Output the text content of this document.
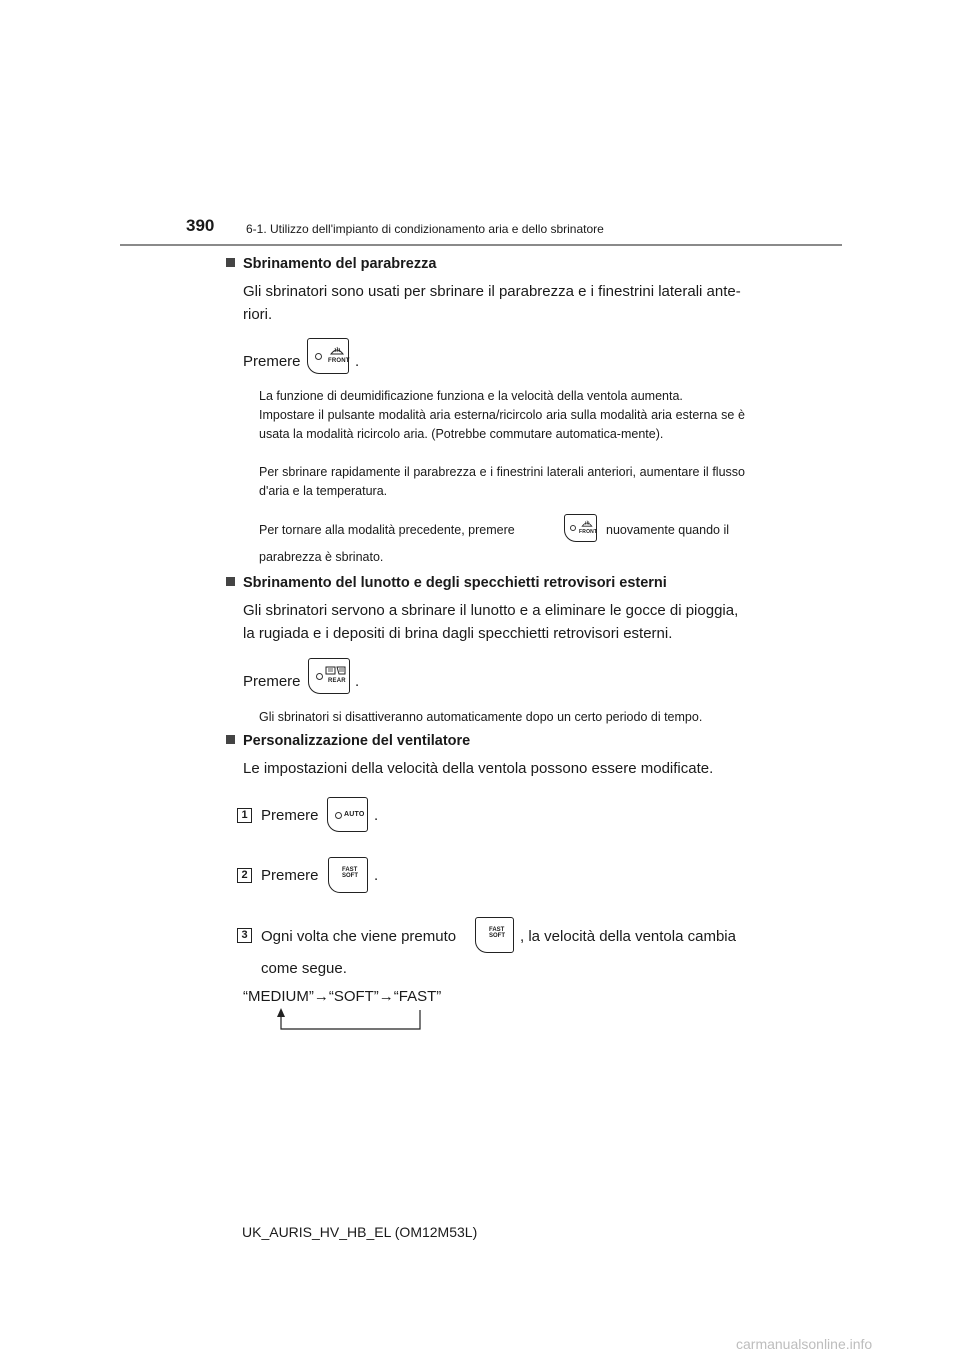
390	6-1. Utilizzo dell'impianto di condizionamento aria e dello sbrinatore
Sbrinamento del parabrezza
Gli sbrinatori sono usati per sbrinare il parabrezza e i finestrini laterali ante-
riori.
Premere	FRONT .
La funzione di deumidificazione funziona e la velocità della ventola aumenta.
Impostare il pulsante modalità aria esterna/ricircolo aria sulla modalità aria esterna se è usata la modalità ricircolo aria. (Potrebbe commutare automatica-mente).
Per sbrinare rapidamente il parabrezza e i finestrini laterali anteriori, aumentare il flusso d'aria e la temperatura.
Per tornare alla modalità precedente, premere	FRONT nuovamente quando il
parabrezza è sbrinato.
Sbrinamento del lunotto e degli specchietti retrovisori esterni
Gli sbrinatori servono a sbrinare il lunotto e a eliminare le gocce di pioggia,
la rugiada e i depositi di brina dagli specchietti retrovisori esterni.
Premere	REAR .
Gli sbrinatori si disattiveranno automaticamente dopo un certo periodo di tempo.
Personalizzazione del ventilatore
Le impostazioni della velocità della ventola possono essere modificate.
1 Premere	AUTO .
2 Premere	FAST
SOFT .
3 Ogni volta che viene premuto	FAST
SOFT , la velocità della ventola cambia
come segue.
“MEDIUM”→“SOFT”→“FAST”
UK_AURIS_HV_HB_EL (OM12M53L)
carmanualsonline.info
